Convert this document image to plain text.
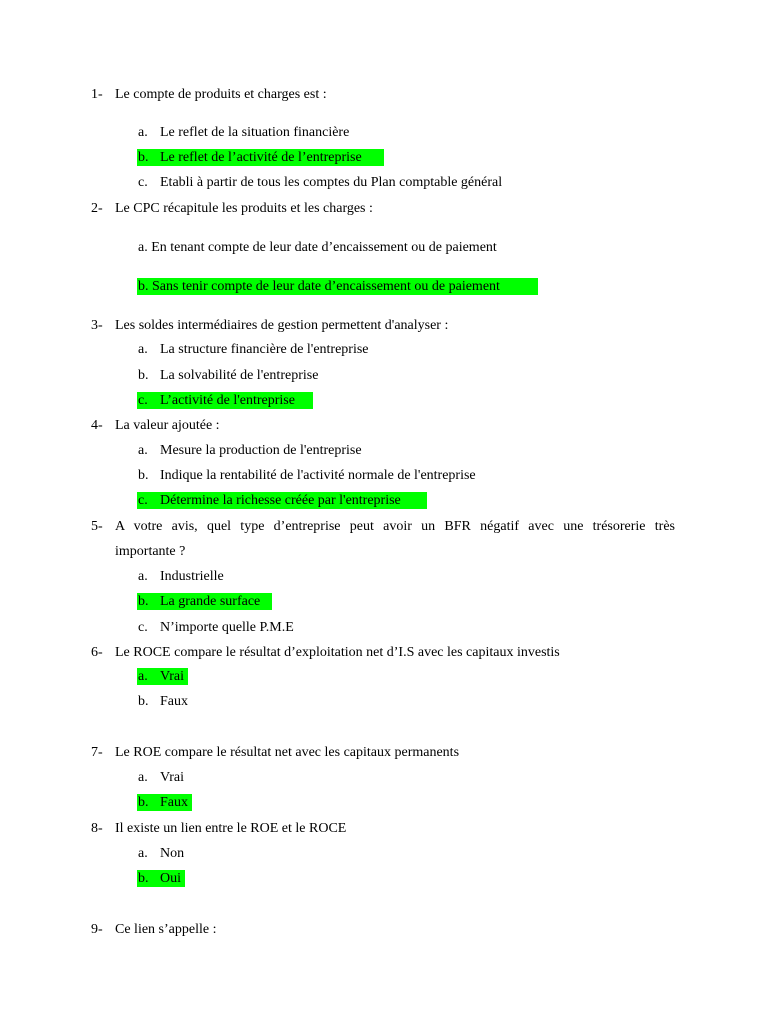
1- Le compte de produits et charges est :
a. Le reflet de la situation financière
b. Le reflet de l’activité de l’entreprise
c. Etabli à partir de tous les comptes du Plan comptable général
2- Le CPC récapitule les produits et les charges :
a. En tenant compte de leur date d’encaissement ou de paiement
b. Sans tenir compte de leur date d’encaissement ou de paiement
3- Les soldes intermédiaires de gestion permettent d'analyser :
a. La structure financière de l'entreprise
b. La solvabilité de l'entreprise
c. L’activité de l'entreprise
4- La valeur ajoutée :
a. Mesure la production de l'entreprise
b. Indique la rentabilité de l'activité normale de l'entreprise
c. Détermine la richesse créée par l'entreprise
5- A votre avis, quel type d’entreprise peut avoir un BFR négatif avec une trésorerie très
importante ?
a. Industrielle
b. La grande surface
c. N’importe quelle P.M.E
6- Le ROCE compare le résultat d’exploitation net d’I.S avec les capitaux investis
a. Vrai
b. Faux
7- Le ROE compare le résultat net avec les capitaux permanents
a. Vrai
b. Faux
8- Il existe un lien entre le ROE et le ROCE
a. Non
b. Oui
9- Ce lien s’appelle :
